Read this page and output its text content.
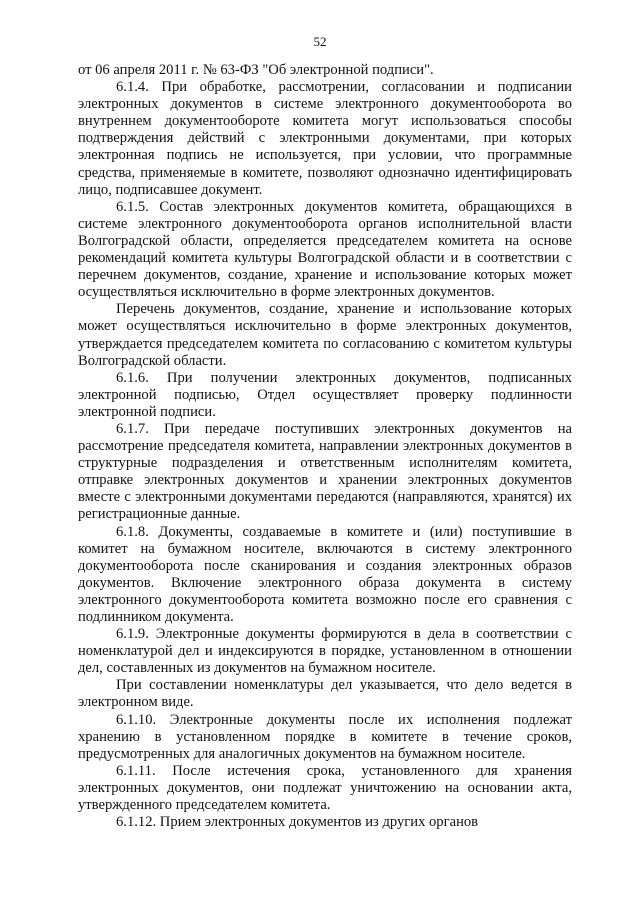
52

от 06 апреля 2011 г. № 63-ФЗ "Об электронной подписи".

6.1.4. При обработке, рассмотрении, согласовании и подписании электронных документов в системе электронного документооборота во внутреннем документообороте комитета могут использоваться способы подтверждения действий с электронными документами, при которых электронная подпись не используется, при условии, что программные средства, применяемые в комитете, позволяют однозначно идентифицировать лицо, подписавшее документ.

6.1.5. Состав электронных документов комитета, обращающихся в системе электронного документооборота органов исполнительной власти Волгоградской области, определяется председателем комитета на основе рекомендаций комитета культуры Волгоградской области и в соответствии с перечнем документов, создание, хранение и использование которых может осуществляться исключительно в форме электронных документов.

Перечень документов, создание, хранение и использование которых может осуществляться исключительно в форме электронных документов, утверждается председателем комитета по согласованию с комитетом культуры Волгоградской области.

6.1.6. При получении электронных документов, подписанных электронной подписью, Отдел осуществляет проверку подлинности электронной подписи.

6.1.7. При передаче поступивших электронных документов на рассмотрение председателя комитета, направлении электронных документов в структурные подразделения и ответственным исполнителям комитета, отправке электронных документов и хранении электронных документов вместе с электронными документами передаются (направляются, хранятся) их регистрационные данные.

6.1.8. Документы, создаваемые в комитете и (или) поступившие в комитет на бумажном носителе, включаются в систему электронного документооборота после сканирования и создания электронных образов документов. Включение электронного образа документа в систему электронного документооборота комитета возможно после его сравнения с подлинником документа.

6.1.9. Электронные документы формируются в дела в соответствии с номенклатурой дел и индексируются в порядке, установленном в отношении дел, составленных из документов на бумажном носителе.

При составлении номенклатуры дел указывается, что дело ведется в электронном виде.

6.1.10. Электронные документы после их исполнения подлежат хранению в установленном порядке в комитете в течение сроков, предусмотренных для аналогичных документов на бумажном носителе.

6.1.11. После истечения срока, установленного для хранения электронных документов, они подлежат уничтожению на основании акта, утвержденного председателем комитета.

6.1.12. Прием электронных документов из других органов
